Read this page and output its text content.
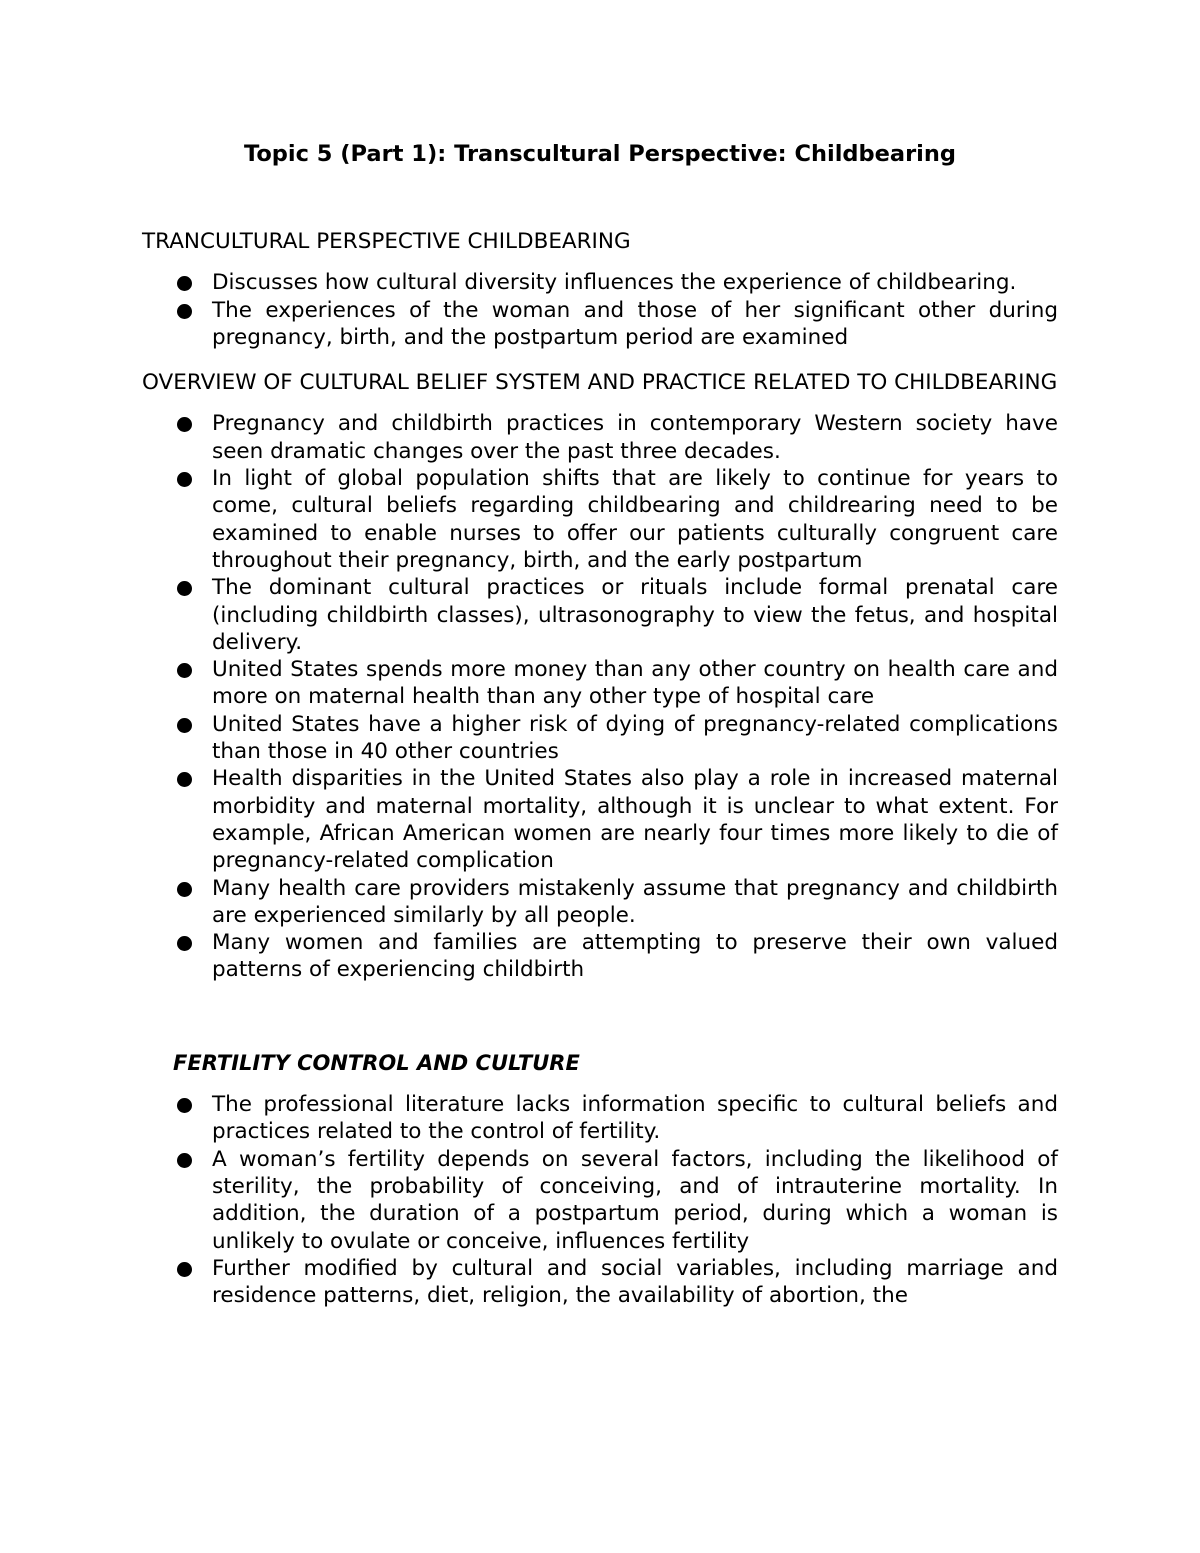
Topic 5 (Part 1): Transcultural Perspective: Childbearing

TRANCULTURAL PERSPECTIVE CHILDBEARING

Discusses how cultural diversity influences the experience of childbearing.
The experiences of the woman and those of her significant other during pregnancy, birth, and the postpartum period are examined

OVERVIEW OF CULTURAL BELIEF SYSTEM AND PRACTICE RELATED TO CHILDBEARING

Pregnancy and childbirth practices in contemporary Western society have seen dramatic changes over the past three decades.
In light of global population shifts that are likely to continue for years to come, cultural beliefs regarding childbearing and childrearing need to be examined to enable nurses to offer our patients culturally congruent care throughout their pregnancy, birth, and the early postpartum
The dominant cultural practices or rituals include formal prenatal care (including childbirth classes), ultrasonography to view the fetus, and hospital delivery.
United States spends more money than any other country on health care and more on maternal health than any other type of hospital care
United States have a higher risk of dying of pregnancy-related complications than those in 40 other countries
Health disparities in the United States also play a role in increased maternal morbidity and maternal mortality, although it is unclear to what extent. For example, African American women are nearly four times more likely to die of pregnancy-related complication
Many health care providers mistakenly assume that pregnancy and childbirth are experienced similarly by all people.
Many women and families are attempting to preserve their own valued patterns of experiencing childbirth

FERTILITY CONTROL AND CULTURE

The professional literature lacks information specific to cultural beliefs and practices related to the control of fertility.
A woman’s fertility depends on several factors, including the likelihood of sterility, the probability of conceiving, and of intrauterine mortality. In addition, the duration of a postpartum period, during which a woman is unlikely to ovulate or conceive, influences fertility
Further modified by cultural and social variables, including marriage and residence patterns, diet, religion, the availability of abortion, the
